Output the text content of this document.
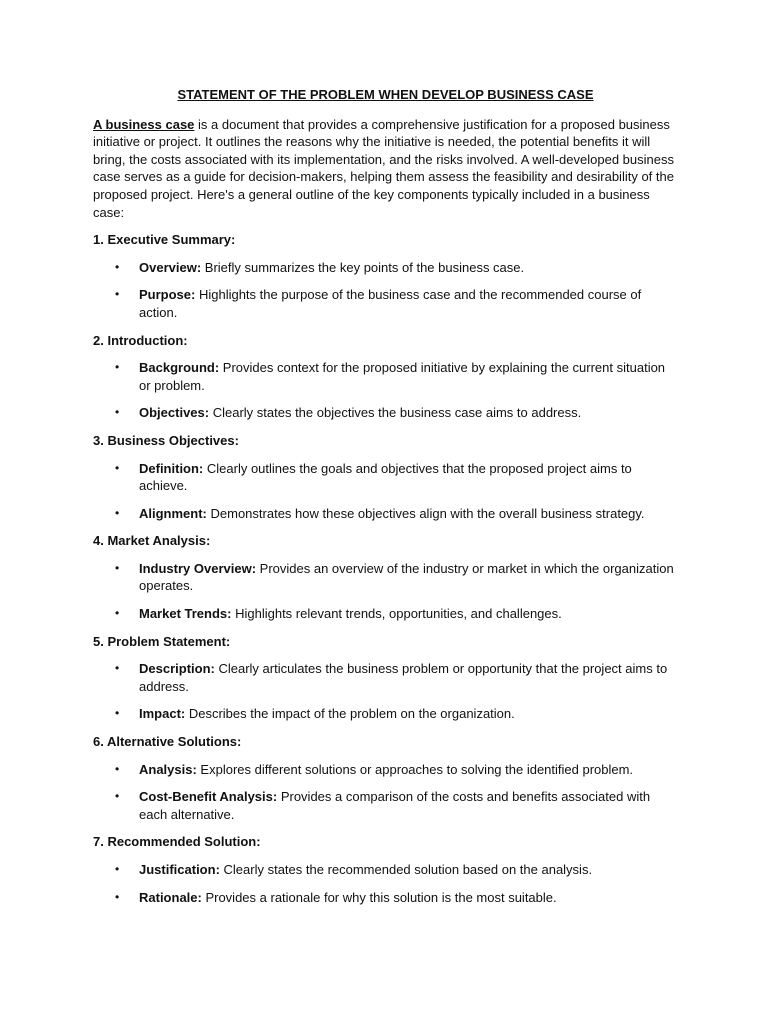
STATEMENT OF THE PROBLEM WHEN DEVELOP BUSINESS CASE

A business case is a document that provides a comprehensive justification for a proposed business initiative or project. It outlines the reasons why the initiative is needed, the potential benefits it will bring, the costs associated with its implementation, and the risks involved. A well-developed business case serves as a guide for decision-makers, helping them assess the feasibility and desirability of the proposed project. Here's a general outline of the key components typically included in a business case:

1. Executive Summary:

• Overview: Briefly summarizes the key points of the business case.
• Purpose: Highlights the purpose of the business case and the recommended course of action.

2. Introduction:

• Background: Provides context for the proposed initiative by explaining the current situation or problem.
• Objectives: Clearly states the objectives the business case aims to address.

3. Business Objectives:

• Definition: Clearly outlines the goals and objectives that the proposed project aims to achieve.
• Alignment: Demonstrates how these objectives align with the overall business strategy.

4. Market Analysis:

• Industry Overview: Provides an overview of the industry or market in which the organization operates.
• Market Trends: Highlights relevant trends, opportunities, and challenges.

5. Problem Statement:

• Description: Clearly articulates the business problem or opportunity that the project aims to address.
• Impact: Describes the impact of the problem on the organization.

6. Alternative Solutions:

• Analysis: Explores different solutions or approaches to solving the identified problem.
• Cost-Benefit Analysis: Provides a comparison of the costs and benefits associated with each alternative.

7. Recommended Solution:

• Justification: Clearly states the recommended solution based on the analysis.
• Rationale: Provides a rationale for why this solution is the most suitable.
